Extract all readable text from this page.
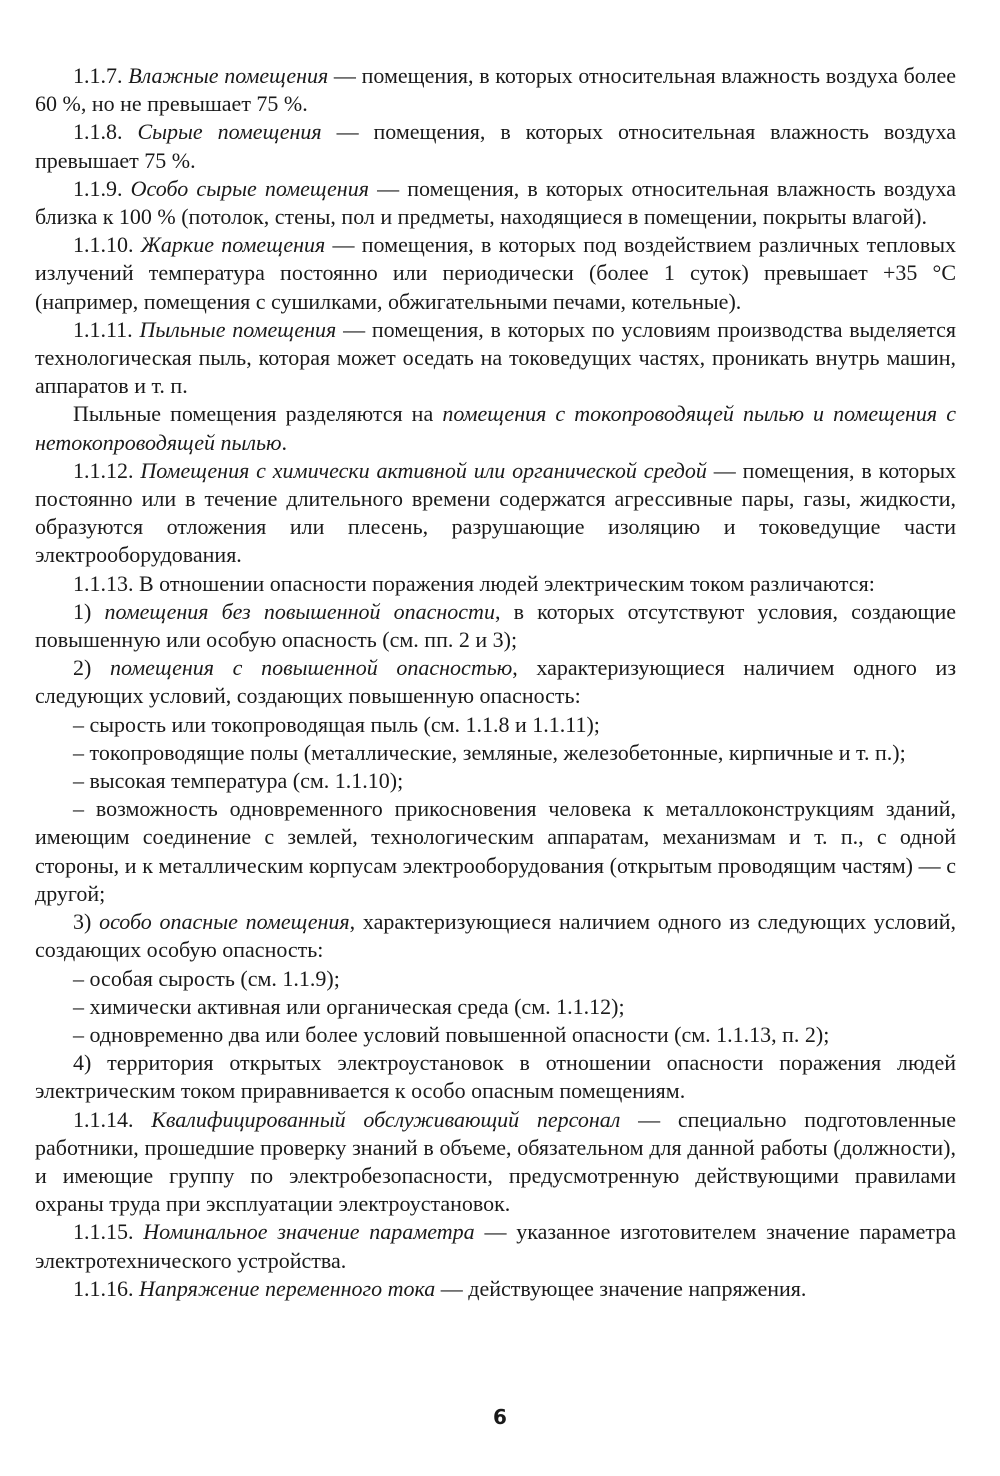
1.1.7. Влажные помещения — помещения, в которых относительная влажность воздуха более 60 %, но не превышает 75 %.

1.1.8. Сырые помещения — помещения, в которых относительная влажность воздуха превышает 75 %.

1.1.9. Особо сырые помещения — помещения, в которых относительная влажность воздуха близка к 100 % (потолок, стены, пол и предметы, находящиеся в помещении, покрыты влагой).

1.1.10. Жаркие помещения — помещения, в которых под воздействием различных тепловых излучений температура постоянно или периодически (более 1 суток) превышает +35 °С (например, помещения с сушилками, обжигательными печами, котельные).

1.1.11. Пыльные помещения — помещения, в которых по условиям производства выделяется технологическая пыль, которая может оседать на токоведущих частях, проникать внутрь машин, аппаратов и т. п.

Пыльные помещения разделяются на помещения с токопроводящей пылью и помещения с нетокопроводящей пылью.

1.1.12. Помещения с химически активной или органической средой — помещения, в которых постоянно или в течение длительного времени содержатся агрессивные пары, газы, жидкости, образуются отложения или плесень, разрушающие изоляцию и токоведущие части электрооборудования.

1.1.13. В отношении опасности поражения людей электрическим током различаются:

1) помещения без повышенной опасности, в которых отсутствуют условия, создающие повышенную или особую опасность (см. пп. 2 и 3);

2) помещения с повышенной опасностью, характеризующиеся наличием одного из следующих условий, создающих повышенную опасность:

– сырость или токопроводящая пыль (см. 1.1.8 и 1.1.11);

– токопроводящие полы (металлические, земляные, железобетонные, кирпичные и т. п.);

– высокая температура (см. 1.1.10);

– возможность одновременного прикосновения человека к металлоконструкциям зданий, имеющим соединение с землей, технологическим аппаратам, механизмам и т. п., с одной стороны, и к металлическим корпусам электрооборудования (открытым проводящим частям) — с другой;

3) особо опасные помещения, характеризующиеся наличием одного из следующих условий, создающих особую опасность:

– особая сырость (см. 1.1.9);

– химически активная или органическая среда (см. 1.1.12);

– одновременно два или более условий повышенной опасности (см. 1.1.13, п. 2);

4) территория открытых электроустановок в отношении опасности поражения людей электрическим током приравнивается к особо опасным помещениям.

1.1.14. Квалифицированный обслуживающий персонал — специально подготовленные работники, прошедшие проверку знаний в объеме, обязательном для данной работы (должности), и имеющие группу по электробезопасности, предусмотренную действующими правилами охраны труда при эксплуатации электроустановок.

1.1.15. Номинальное значение параметра — указанное изготовителем значение параметра электротехнического устройства.

1.1.16. Напряжение переменного тока — действующее значение напряжения.

6
